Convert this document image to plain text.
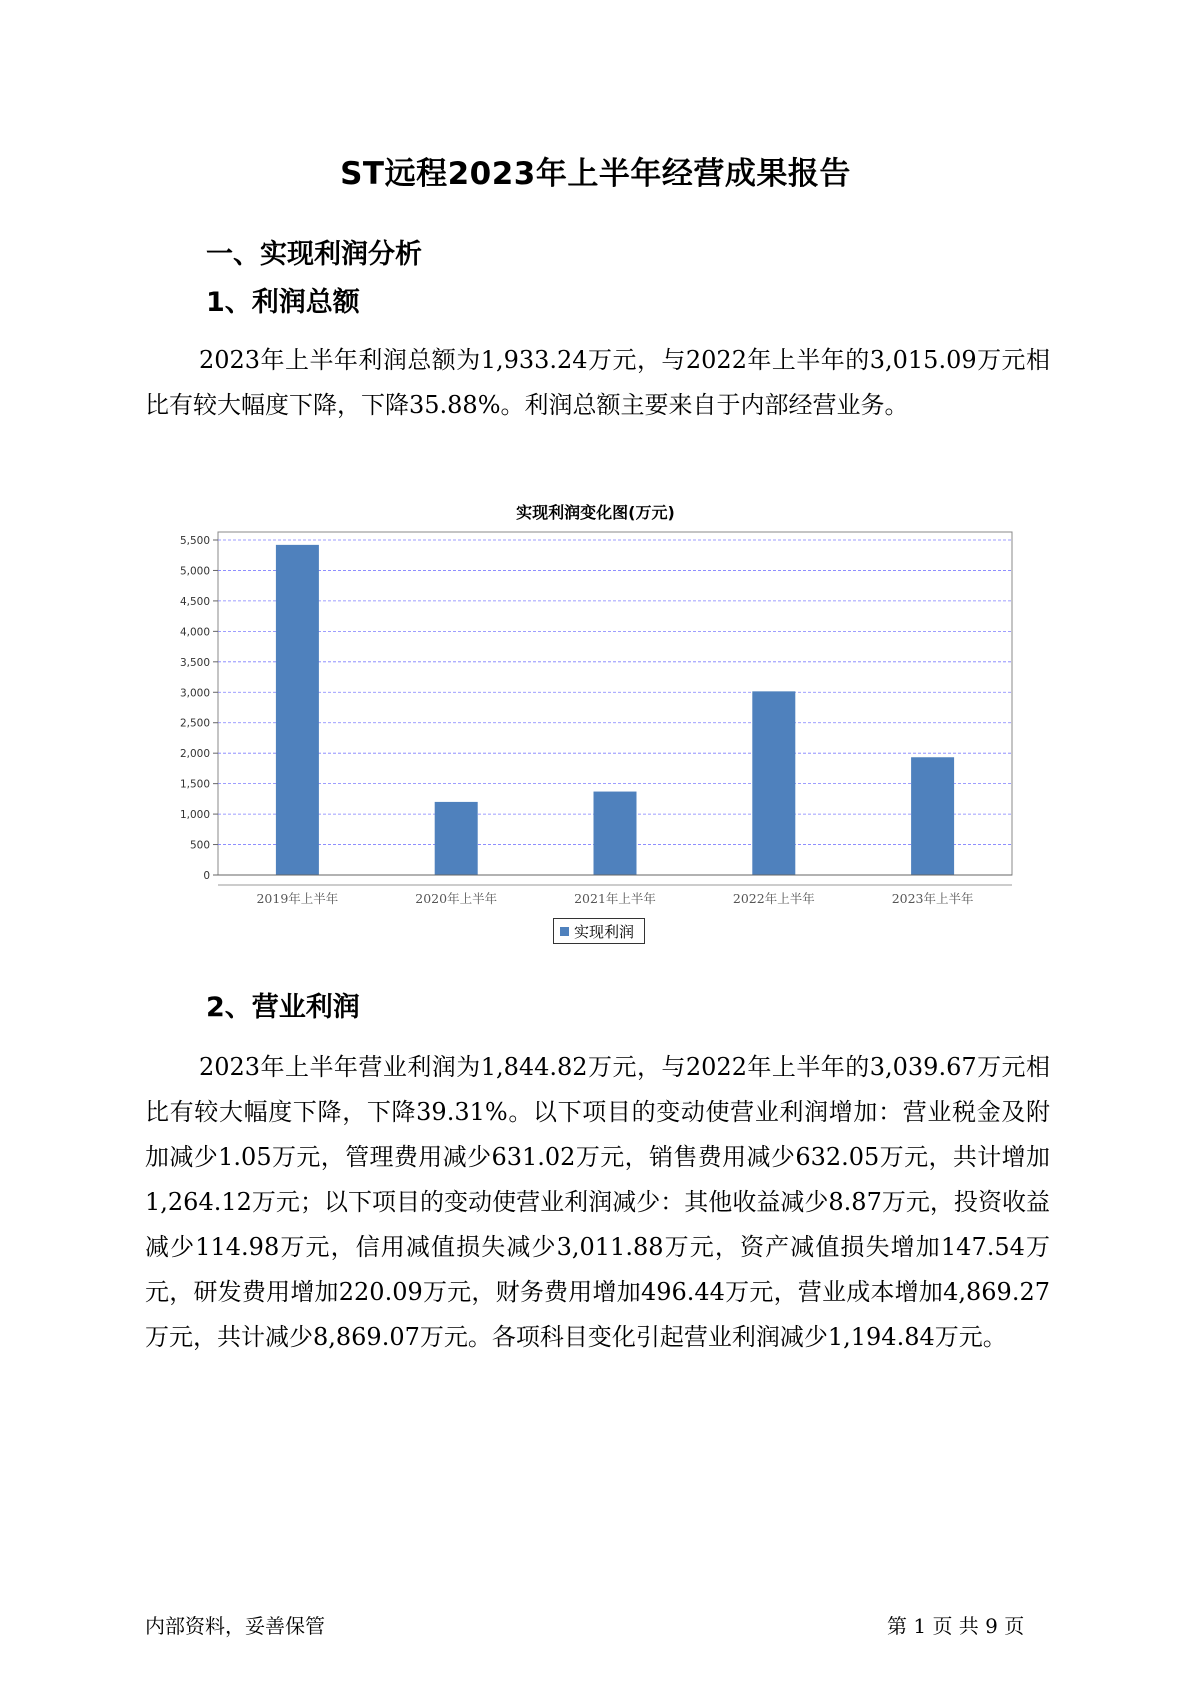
ST远程2023年上半年经营成果报告
一、实现利润分析
1、利润总额
2023年上半年利润总额为1,933.24万元，与2022年上半年的3,015.09万元相比有较大幅度下降，下降35.88%。利润总额主要来自于内部经营业务。
实现利润变化图(万元)
0
500
1,000
1,500
2,000
2,500
3,000
3,500
4,000
4,500
5,000
5,500
2019年上半年	2020年上半年	2021年上半年	2022年上半年	2023年上半年
实现利润
2、营业利润
2023年上半年营业利润为1,844.82万元，与2022年上半年的3,039.67万元相比有较大幅度下降，下降39.31%。以下项目的变动使营业利润增加：营业税金及附加减少1.05万元，管理费用减少631.02万元，销售费用减少632.05万元，共计增加1,264.12万元；以下项目的变动使营业利润减少：其他收益减少8.87万元，投资收益减少114.98万元，信用减值损失减少3,011.88万元，资产减值损失增加147.54万元，研发费用增加220.09万元，财务费用增加496.44万元，营业成本增加4,869.27万元，共计减少8,869.07万元。各项科目变化引起营业利润减少1,194.84万元。
内部资料，妥善保管	第 1 页 共 9 页
